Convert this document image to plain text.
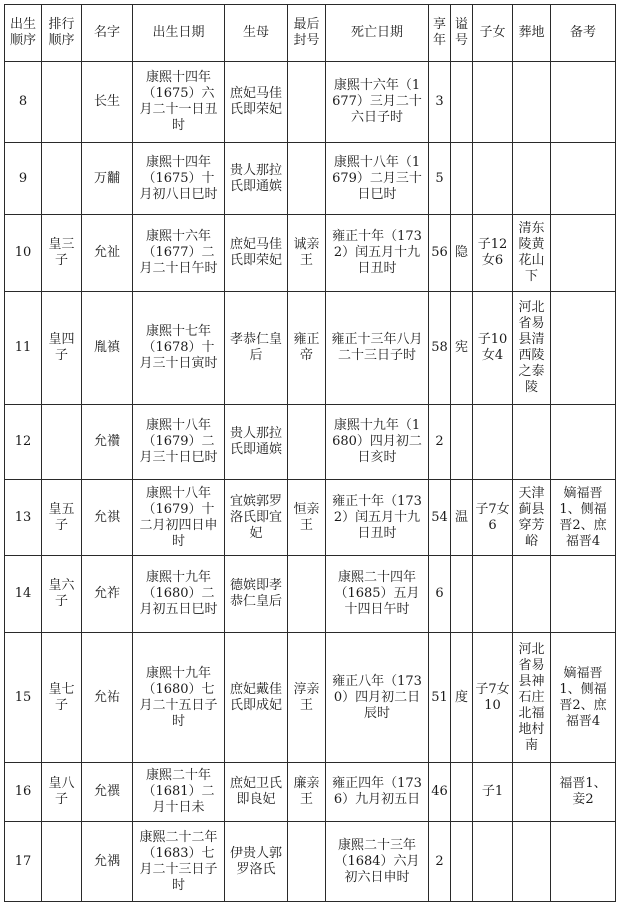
出生顺序	排行顺序	名字	出生日期	生母	最后封号	死亡日期	享年	谥号	子女	葬地	备考
8		长生	康熙十四年（1675）六月二十一日丑时	庶妃马佳氏即荣妃		康熙十六年（1677）三月二十六日子时	3				
9		万黼	康熙十四年（1675）十月初八日巳时	贵人那拉氏即通嫔		康熙十八年（1679）二月三十日巳时	5				
10	皇三子	允祉	康熙十六年（1677）二月二十日午时	庶妃马佳氏即荣妃	诚亲王	雍正十年（1732）闰五月十九日丑时	56	隐	子12女6	清东陵黄花山下	
11	皇四子	胤禛	康熙十七年（1678）十月三十日寅时	孝恭仁皇后	雍正帝	雍正十三年八月二十三日子时	58	宪	子10女4	河北省易县清西陵之泰陵	
12		允禶	康熙十八年（1679）二月三十日巳时	贵人那拉氏即通嫔		康熙十九年（1680）四月初二日亥时	2				
13	皇五子	允祺	康熙十八年（1679）十二月初四日申时	宜嫔郭罗洛氏即宜妃	恒亲王	雍正十年（1732）闰五月十九日丑时	54	温	子7女6	天津蓟县穿芳峪	嫡福晋1、侧福晋2、庶福晋4
14	皇六子	允祚	康熙十九年（1680）二月初五日巳时	德嫔即孝恭仁皇后		康熙二十四年（1685）五月十四日午时	6				
15	皇七子	允祐	康熙十九年（1680）七月二十五日子时	庶妃戴佳氏即成妃	淳亲王	雍正八年（1730）四月初二日辰时	51	度	子7女10	河北省易县神石庄北福地村南	嫡福晋1、侧福晋2、庶福晋4
16	皇八子	允禩	康熙二十年（1681）二月十日未	庶妃卫氏即良妃	廉亲王	雍正四年（1736）九月初五日	46		子1		福晋1、妾2
17		允禑	康熙二十二年（1683）七月二十三日子时	伊贵人郭罗洛氏		康熙二十三年（1684）六月初六日申时	2				
